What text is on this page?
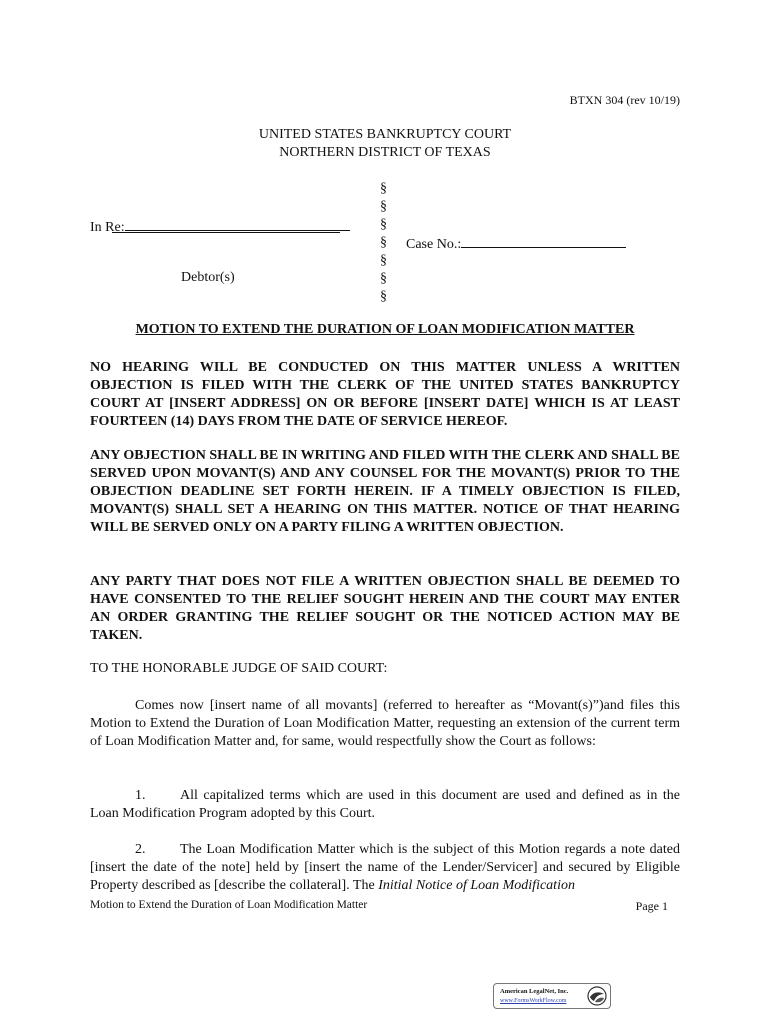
BTXN 304 (rev 10/19)
UNITED STATES BANKRUPTCY COURT
NORTHERN DISTRICT OF TEXAS
In Re:
Debtor(s)
§
§
§
§
§
§
§
Case No.:
MOTION TO EXTEND THE DURATION OF LOAN MODIFICATION MATTER
NO HEARING WILL BE CONDUCTED ON THIS MATTER UNLESS A WRITTEN OBJECTION IS FILED WITH THE CLERK OF THE UNITED STATES BANKRUPTCY COURT AT [INSERT ADDRESS] ON OR BEFORE [INSERT DATE] WHICH IS AT LEAST FOURTEEN (14) DAYS FROM THE DATE OF SERVICE HEREOF.
ANY OBJECTION SHALL BE IN WRITING AND FILED WITH THE CLERK AND SHALL BE SERVED UPON MOVANT(S) AND ANY COUNSEL FOR THE MOVANT(S) PRIOR TO THE OBJECTION DEADLINE SET FORTH HEREIN. IF A TIMELY OBJECTION IS FILED, MOVANT(S) SHALL SET A HEARING ON THIS MATTER. NOTICE OF THAT HEARING WILL BE SERVED ONLY ON A PARTY FILING A WRITTEN OBJECTION.
ANY PARTY THAT DOES NOT FILE A WRITTEN OBJECTION SHALL BE DEEMED TO HAVE CONSENTED TO THE RELIEF SOUGHT HEREIN AND THE COURT MAY ENTER AN ORDER GRANTING THE RELIEF SOUGHT OR THE NOTICED ACTION MAY BE TAKEN.
TO THE HONORABLE JUDGE OF SAID COURT:
Comes now [insert name of all movants] (referred to hereafter as “Movant(s)”)and files this Motion to Extend the Duration of Loan Modification Matter, requesting an extension of the current term of Loan Modification Matter and, for same, would respectfully show the Court as follows:
1. All capitalized terms which are used in this document are used and defined as in the Loan Modification Program adopted by this Court.
2. The Loan Modification Matter which is the subject of this Motion regards a note dated [insert the date of the note] held by [insert the name of the Lender/Servicer] and secured by Eligible Property described as [describe the collateral]. The Initial Notice of Loan Modification
Motion to Extend the Duration of Loan Modification Matter	Page 1
American LegalNet, Inc.
www.FormsWorkFlow.com
